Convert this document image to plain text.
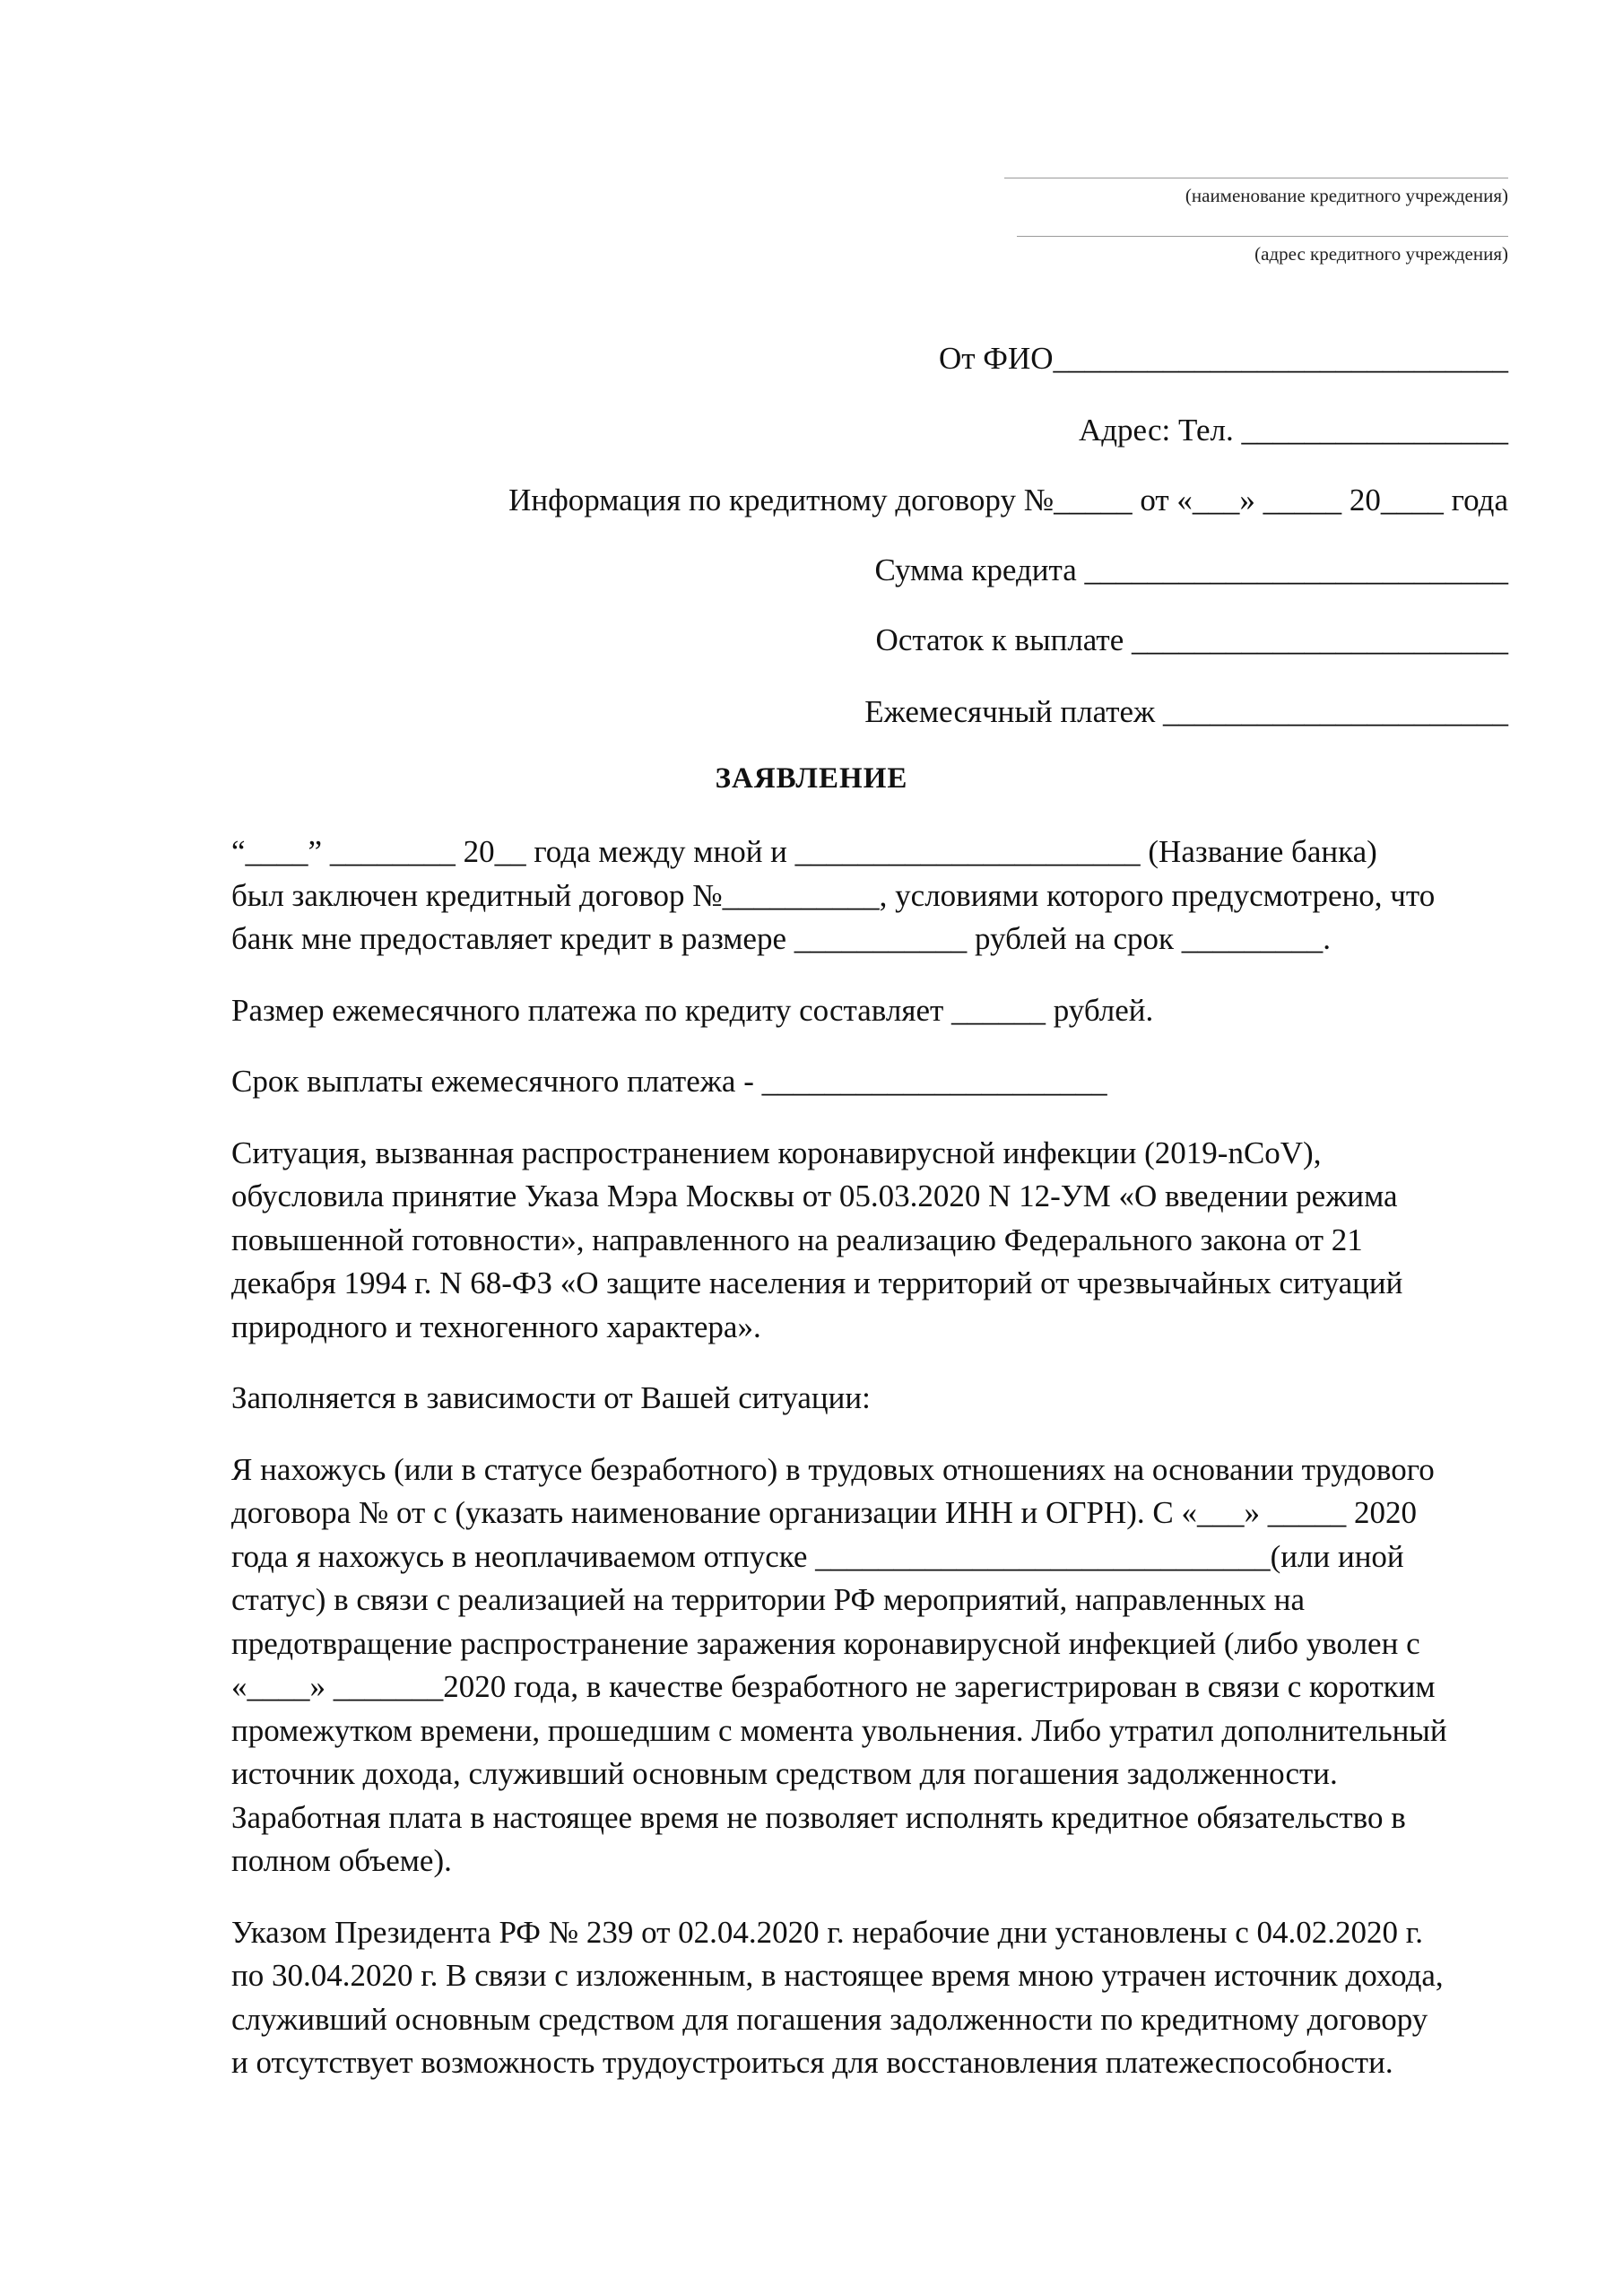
(наименование кредитного учреждения)
(адрес кредитного учреждения)
От ФИО_____________________________
Адрес: Тел. _________________
Информация по кредитному договору №_____ от «___» _____ 20____ года
Сумма кредита ___________________________
Остаток к выплате ________________________
Ежемесячный платеж ______________________
ЗАЯВЛЕНИЕ
“____” ________ 20__ года между мной и ______________________ (Название банка)
был заключен кредитный договор №__________, условиями которого предусмотрено, что
банк мне предоставляет кредит в размере ___________ рублей на срок _________.
Размер ежемесячного платежа по кредиту составляет ______ рублей.
Срок выплаты ежемесячного платежа - ______________________
Ситуация, вызванная распространением коронавирусной инфекции (2019-nCoV),
обусловила принятие Указа Мэра Москвы от 05.03.2020 N 12-УМ «О введении режима
повышенной готовности», направленного на реализацию Федерального закона от 21
декабря 1994 г. N 68-ФЗ «О защите населения и территорий от чрезвычайных ситуаций
природного и техногенного характера».
Заполняется в зависимости от Вашей ситуации:
Я нахожусь (или в статусе безработного) в трудовых отношениях на основании трудового
договора № от с (указать наименование организации ИНН и ОГРН). С «___» _____ 2020
года я нахожусь в неоплачиваемом отпуске _____________________________(или иной
статус) в связи с реализацией на территории РФ мероприятий, направленных на
предотвращение распространение заражения коронавирусной инфекцией (либо уволен с
«____» _______2020 года, в качестве безработного не зарегистрирован в связи с коротким
промежутком времени, прошедшим с момента увольнения. Либо утратил дополнительный
источник дохода, служивший основным средством для погашения задолженности.
Заработная плата в настоящее время не позволяет исполнять кредитное обязательство в
полном объеме).
Указом Президента РФ № 239 от 02.04.2020 г. нерабочие дни установлены с 04.02.2020 г.
по 30.04.2020 г. В связи с изложенным, в настоящее время мною утрачен источник дохода,
служивший основным средством для погашения задолженности по кредитному договору
и отсутствует возможность трудоустроиться для восстановления платежеспособности.
